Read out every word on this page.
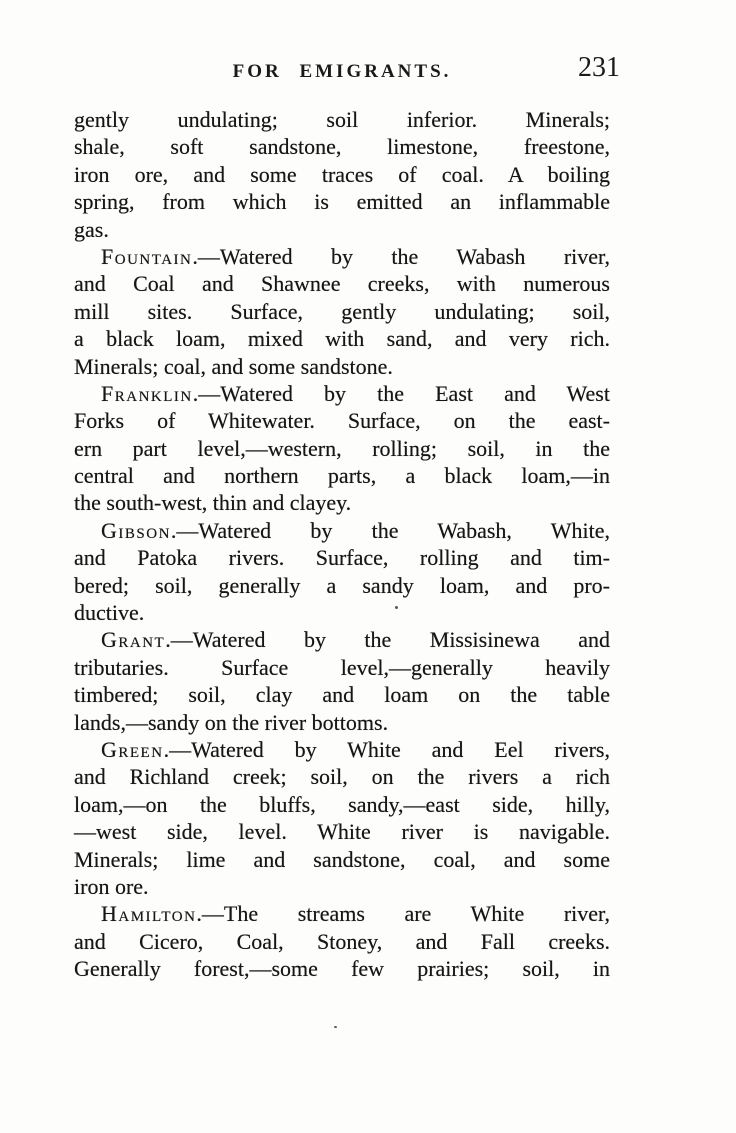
FOR EMIGRANTS.	231
gently undulating; soil inferior. Minerals;
shale, soft sandstone, limestone, freestone,
iron ore, and some traces of coal. A boiling
spring, from which is emitted an inflammable
gas.
Fountain.—Watered by the Wabash river,
and Coal and Shawnee creeks, with numerous
mill sites. Surface, gently undulating; soil,
a black loam, mixed with sand, and very rich.
Minerals; coal, and some sandstone.
Franklin.—Watered by the East and West
Forks of Whitewater. Surface, on the east-
ern part level,—western, rolling; soil, in the
central and northern parts, a black loam,—in
the south-west, thin and clayey.
Gibson.—Watered by the Wabash, White,
and Patoka rivers. Surface, rolling and tim-
bered; soil, generally a sandy loam, and pro-
ductive.
Grant.—Watered by the Missisinewa and
tributaries. Surface level,—generally heavily
timbered; soil, clay and loam on the table
lands,—sandy on the river bottoms.
Green.—Watered by White and Eel rivers,
and Richland creek; soil, on the rivers a rich
loam,—on the bluffs, sandy,—east side, hilly,
—west side, level. White river is navigable.
Minerals; lime and sandstone, coal, and some
iron ore.
Hamilton.—The streams are White river,
and Cicero, Coal, Stoney, and Fall creeks.
Generally forest,—some few prairies; soil, in
